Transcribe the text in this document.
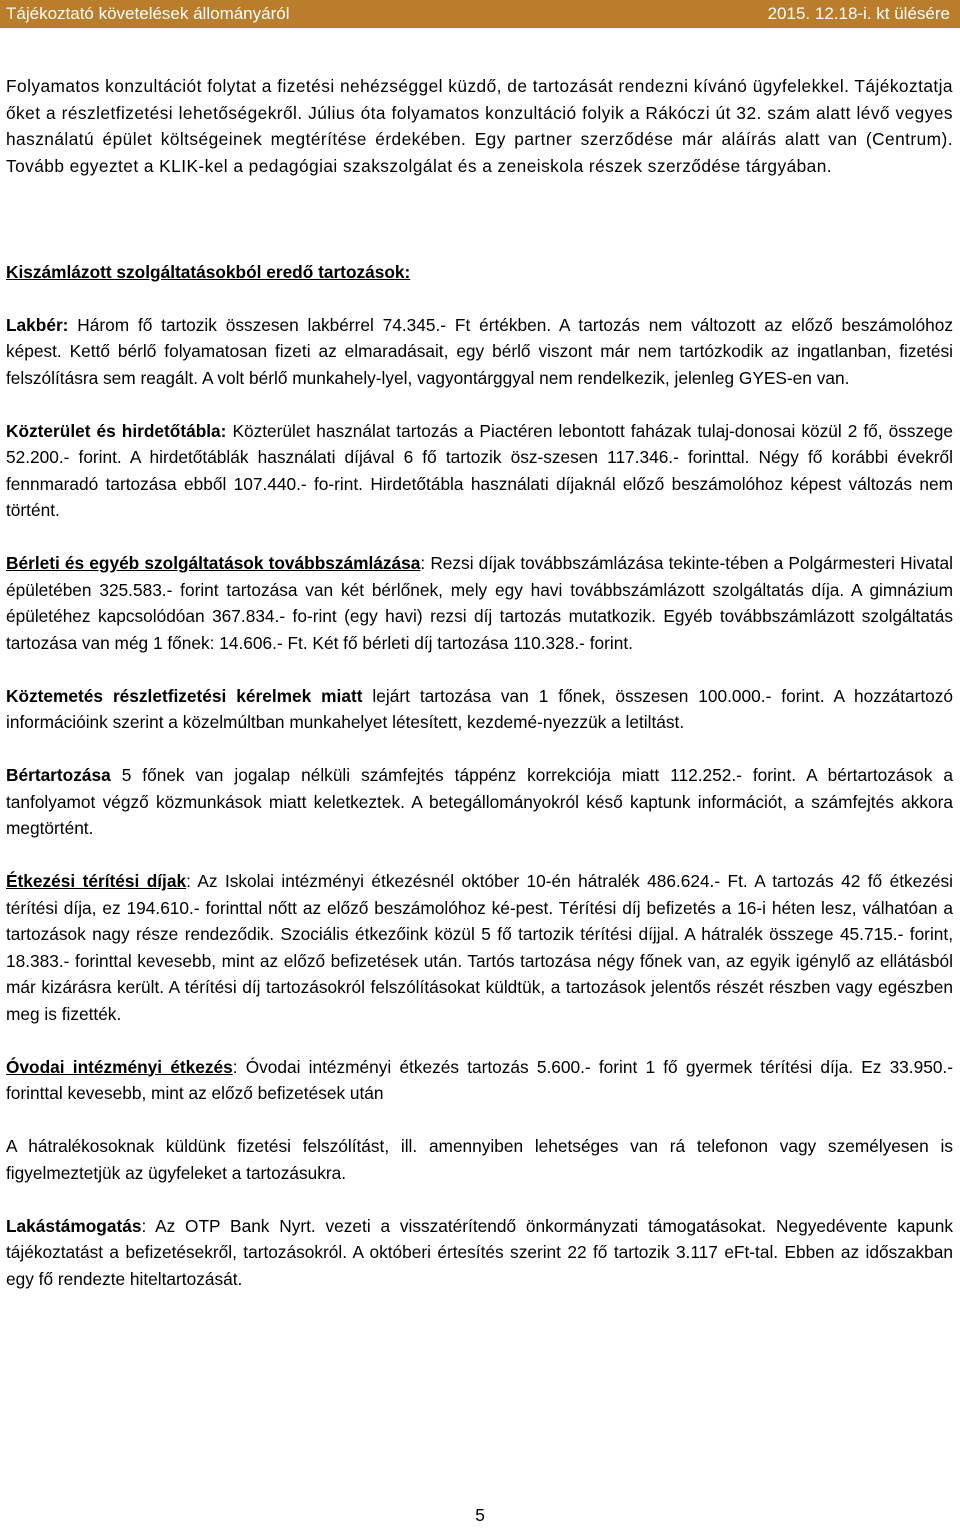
Tájékoztató követelések állományáról	2015. 12.18-i. kt ülésére

Folyamatos konzultációt folytat a fizetési nehézséggel küzdő, de tartozását rendezni kívánó ügyfelekkel. Tájékoztatja őket a részletfizetési lehetőségekről. Július óta folyamatos konzultáció folyik a Rákóczi út 32. szám alatt lévő vegyes használatú épület költségeinek megtérítése érdekében. Egy partner szerződése már aláírás alatt van (Centrum). Tovább egyeztet a KLIK-kel a pedagógiai szakszolgálat és a zeneiskola részek szerződése tárgyában.

Kiszámlázott szolgáltatásokból eredő tartozások:

Lakbér: Három fő tartozik összesen lakbérrel 74.345.- Ft értékben. A tartozás nem változott az előző beszámolóhoz képest. Kettő bérlő folyamatosan fizeti az elmaradásait, egy bérlő viszont már nem tartózkodik az ingatlanban, fizetési felszólításra sem reagált. A volt bérlő munkahely-lyel, vagyontárggyal nem rendelkezik, jelenleg GYES-en van.

Közterület és hirdetőtábla: Közterület használat tartozás a Piactéren lebontott faházak tulaj-donosai közül 2 fő, összege 52.200.- forint. A hirdetőtáblák használati díjával 6 fő tartozik ösz-szesen 117.346.- forinttal. Négy fő korábbi évekről fennmaradó tartozása ebből 107.440.- fo-rint. Hirdetőtábla használati díjaknál előző beszámolóhoz képest változás nem történt.

Bérleti és egyéb szolgáltatások továbbszámlázása: Rezsi díjak továbbszámlázása tekinte-tében a Polgármesteri Hivatal épületében 325.583.- forint tartozása van két bérlőnek, mely egy havi továbbszámlázott szolgáltatás díja. A gimnázium épületéhez kapcsolódóan 367.834.- fo-rint (egy havi) rezsi díj tartozás mutatkozik. Egyéb továbbszámlázott szolgáltatás tartozása van még 1 főnek: 14.606.- Ft. Két fő bérleti díj tartozása 110.328.- forint.

Köztemetés részletfizetési kérelmek miatt lejárt tartozása van 1 főnek, összesen 100.000.- forint. A hozzátartozó információink szerint a közelmúltban munkahelyet létesített, kezdemé-nyezzük a letiltást.

Bértartozása 5 főnek van jogalap nélküli számfejtés táppénz korrekciója miatt 112.252.- forint. A bértartozások a tanfolyamot végző közmunkások miatt keletkeztek. A betegállományokról késő kaptunk információt, a számfejtés akkora megtörtént.

Étkezési térítési díjak: Az Iskolai intézményi étkezésnél október 10-én hátralék 486.624.- Ft. A tartozás 42 fő étkezési térítési díja, ez 194.610.- forinttal nőtt az előző beszámolóhoz ké-pest. Térítési díj befizetés a 16-i héten lesz, válhatóan a tartozások nagy része rendeződik. Szociális étkezőink közül 5 fő tartozik térítési díjjal. A hátralék összege 45.715.- forint, 18.383.- forinttal kevesebb, mint az előző befizetések után. Tartós tartozása négy főnek van, az egyik igénylő az ellátásból már kizárásra került. A térítési díj tartozásokról felszólításokat küldtük, a tartozások jelentős részét részben vagy egészben meg is fizették.

Óvodai intézményi étkezés: Óvodai intézményi étkezés tartozás 5.600.- forint 1 fő gyermek térítési díja. Ez 33.950.- forinttal kevesebb, mint az előző befizetések után

A hátralékosoknak küldünk fizetési felszólítást, ill. amennyiben lehetséges van rá telefonon vagy személyesen is figyelmeztetjük az ügyfeleket a tartozásukra.

Lakástámogatás: Az OTP Bank Nyrt. vezeti a visszatérítendő önkormányzati támogatásokat. Negyedévente kapunk tájékoztatást a befizetésekről, tartozásokról. A októberi értesítés szerint 22 fő tartozik 3.117 eFt-tal. Ebben az időszakban egy fő rendezte hiteltartozását.

5
